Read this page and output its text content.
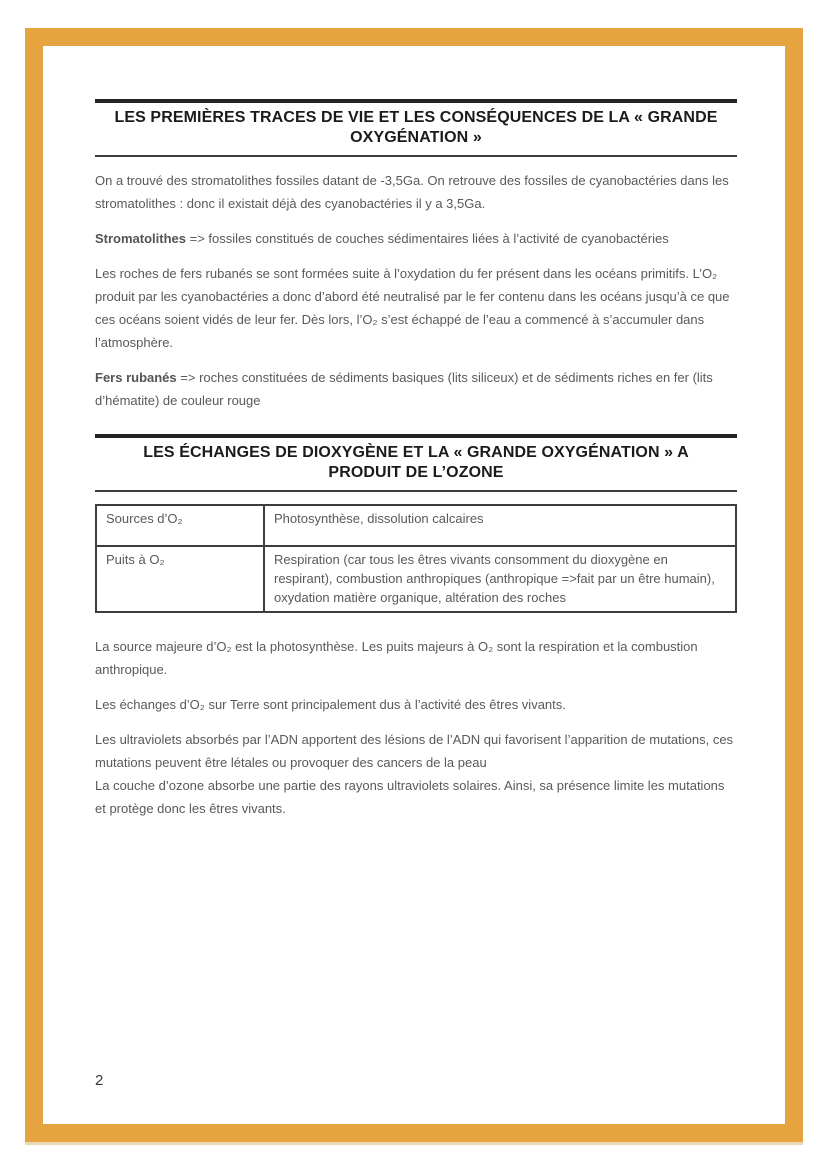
LES PREMIÈRES TRACES DE VIE ET LES CONSÉQUENCES DE LA « GRANDE OXYGÉNATION »

On a trouvé des stromatolithes fossiles datant de -3,5Ga. On retrouve des fossiles de cyanobactéries dans les stromatolithes : donc il existait déjà des cyanobactéries il y a 3,5Ga.

Stromatolithes => fossiles constitués de couches sédimentaires liées à l’activité de cyanobactéries

Les roches de fers rubanés se sont formées suite à l’oxydation du fer présent dans les océans primitifs. L’O₂ produit par les cyanobactéries a donc d’abord été neutralisé par le fer contenu dans les océans jusqu’à ce que ces océans soient vidés de leur fer. Dès lors, l’O₂ s’est échappé de l’eau a commencé à s’accumuler dans l’atmosphère.

Fers rubanés => roches constituées de sédiments basiques (lits siliceux) et de sédiments riches en fer (lits d’hématite) de couleur rouge

LES ÉCHANGES DE DIOXYGÈNE ET LA « GRANDE OXYGÉNATION » A PRODUIT DE L’OZONE
Sources d’O₂	Photosynthèse, dissolution calcaires
Puits à O₂	Respiration (car tous les êtres vivants consomment du dioxygène en respirant), combustion anthropiques (anthropique =>fait par un être humain), oxydation matière organique, altération des roches

La source majeure d’O₂ est la photosynthèse. Les puits majeurs à O₂ sont la respiration et la combustion anthropique.

Les échanges d’O₂ sur Terre sont principalement dus à l’activité des êtres vivants.

Les ultraviolets absorbés par l’ADN apportent des lésions de l’ADN qui favorisent l’apparition de mutations, ces mutations peuvent être létales ou provoquer des cancers de la peau
La couche d’ozone absorbe une partie des rayons ultraviolets solaires. Ainsi, sa présence limite les mutations et protège donc les êtres vivants.

2
